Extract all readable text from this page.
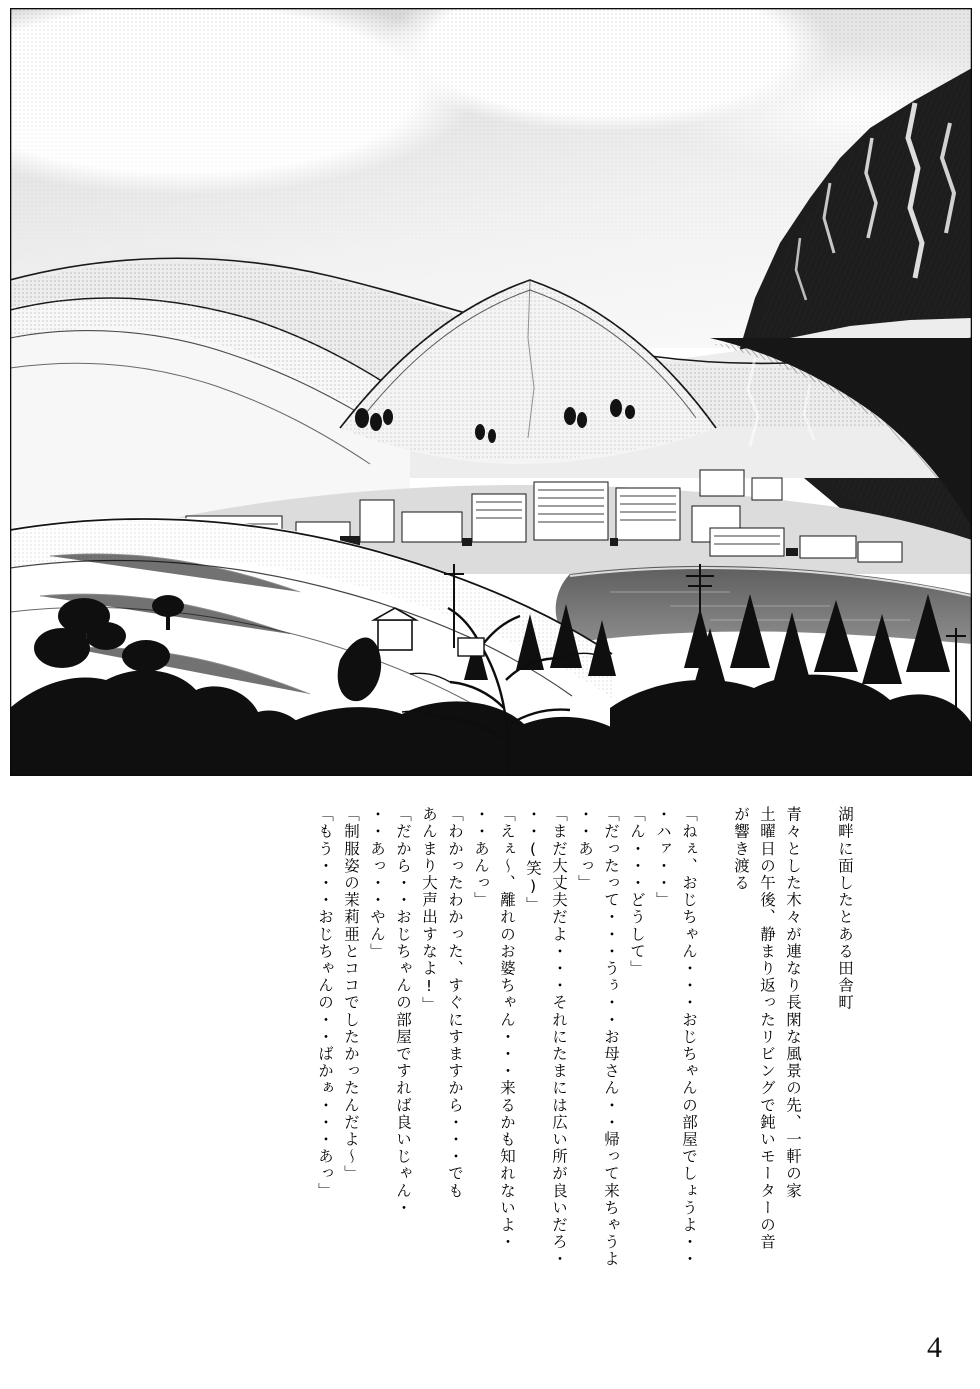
「もう・・・おじちゃんの・・ばかぁ・・・あっ」 「制服姿の茉莉亜とココでしたかったんだよ～」 ・・あっ・・やん」 「だから・・おじちゃんの部屋ですれば良いじゃん・ あんまり大声出すなよ!」 「わかったわかった、すぐにすますから・・・でも ・・あんっ」 「えぇ～、離れのお婆ちゃん・・・来るかも知れないよ・ ・・(笑)」 「まだ大丈夫だよ・・・それにたまには広い所が良いだろ・ ・・あっ」 「だったって・・・うぅ・・お母さん・・帰って来ちゃうよ 「ん・・・どうして」 ・ハァ・・」 「ねぇ、おじちゃん・・・おじちゃんの部屋でしょうよ・・	が響き渡る 土曜日の午後、静まり返ったリビングで鈍いモーターの音 青々とした木々が連なり長閑な風景の先、一軒の家	湖畔に面したとある田舎町
4
